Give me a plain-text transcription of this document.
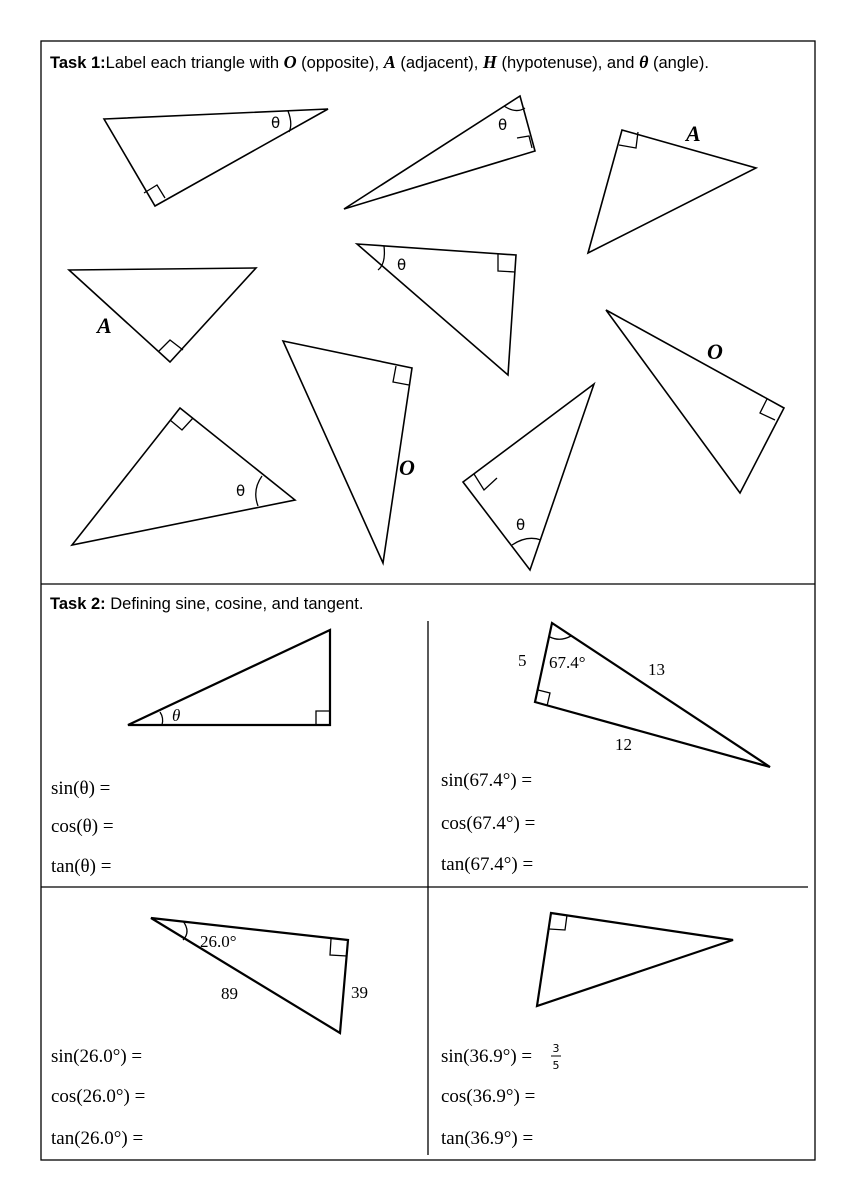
θ	θ	A
θ
A
O
O
θ
θ
θ
5 67.4°	13
12
26.0°
89	39
sin(θ) =
cos(θ) =
tan(θ) =
sin(67.4°) =
cos(67.4°) =
tan(67.4°) =
sin(26.0°) =
cos(26.0°) =
tan(26.0°) =
sin(36.9°) = 3
5
cos(36.9°) =
tan(36.9°) =
Task 1:Label each triangle with O (opposite), A (adjacent), H (hypotenuse), and θ (angle).
Task 2: Defining sine, cosine, and tangent.
